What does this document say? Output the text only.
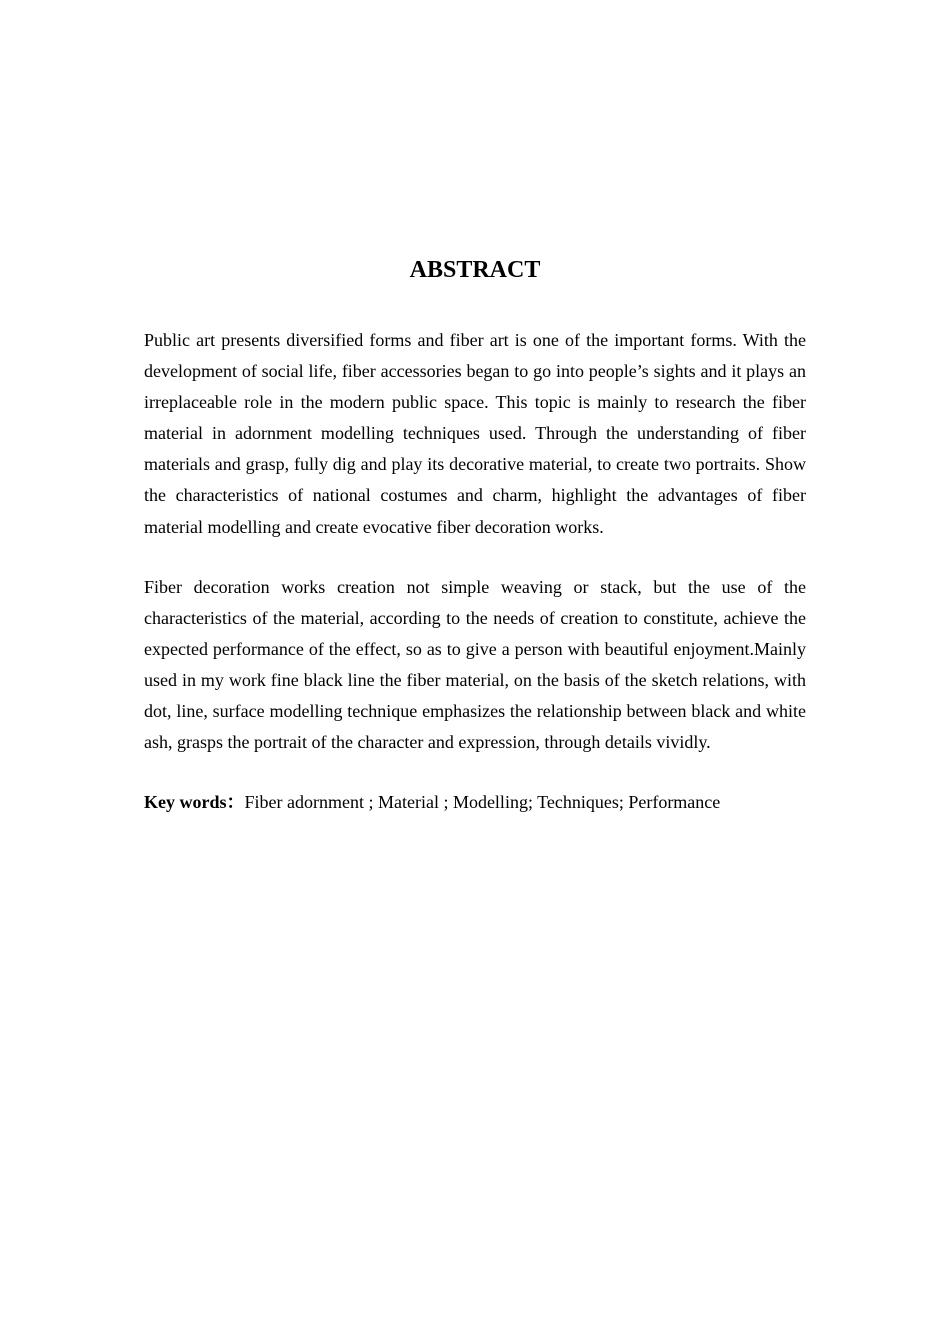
ABSTRACT

Public art presents diversified forms and fiber art is one of the important forms. With the development of social life, fiber accessories began to go into people’s sights and it plays an irreplaceable role in the modern public space. This topic is mainly to research the fiber material in adornment modelling techniques used. Through the understanding of fiber materials and grasp, fully dig and play its decorative material, to create two portraits. Show the characteristics of national costumes and charm, highlight the advantages of fiber material modelling and create evocative fiber decoration works.

Fiber decoration works creation not simple weaving or stack, but the use of the characteristics of the material, according to the needs of creation to constitute, achieve the expected performance of the effect, so as to give a person with beautiful enjoyment.Mainly used in my work fine black line the fiber material, on the basis of the sketch relations, with dot, line, surface modelling technique emphasizes the relationship between black and white ash, grasps the portrait of the character and expression, through details vividly.

Key words：Fiber adornment ; Material ; Modelling; Techniques; Performance
